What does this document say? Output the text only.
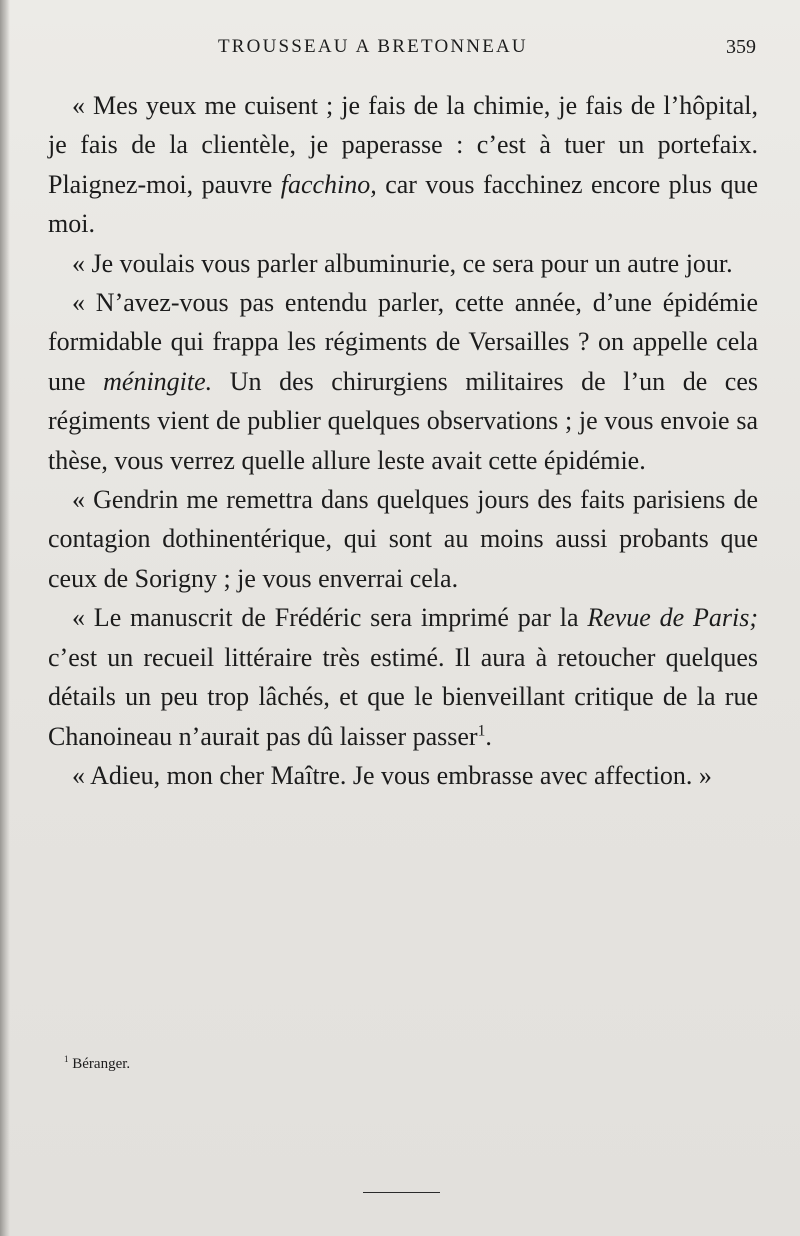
TROUSSEAU A BRETONNEAU	359

« Mes yeux me cuisent ; je fais de la chimie, je fais de l’hôpital, je fais de la clientèle, je paperasse : c’est à tuer un portefaix. Plaignez-moi, pauvre facchino, car vous facchinez encore plus que moi.

« Je voulais vous parler albuminurie, ce sera pour un autre jour.

« N’avez-vous pas entendu parler, cette année, d’une épidémie formidable qui frappa les régiments de Versailles ? on appelle cela une méningite. Un des chirurgiens militaires de l’un de ces régiments vient de publier quelques observations ; je vous envoie sa thèse, vous verrez quelle allure leste avait cette épidémie.

« Gendrin me remettra dans quelques jours des faits parisiens de contagion dothinentérique, qui sont au moins aussi probants que ceux de Sorigny ; je vous enverrai cela.

« Le manuscrit de Frédéric sera imprimé par la Revue de Paris; c’est un recueil littéraire très estimé. Il aura à retoucher quelques détails un peu trop lâchés, et que le bienveillant critique de la rue Chanoineau n’aurait pas dû laisser passer$^1$.

« Adieu, mon cher Maître. Je vous embrasse avec affection. »

$^1$ Béranger.
